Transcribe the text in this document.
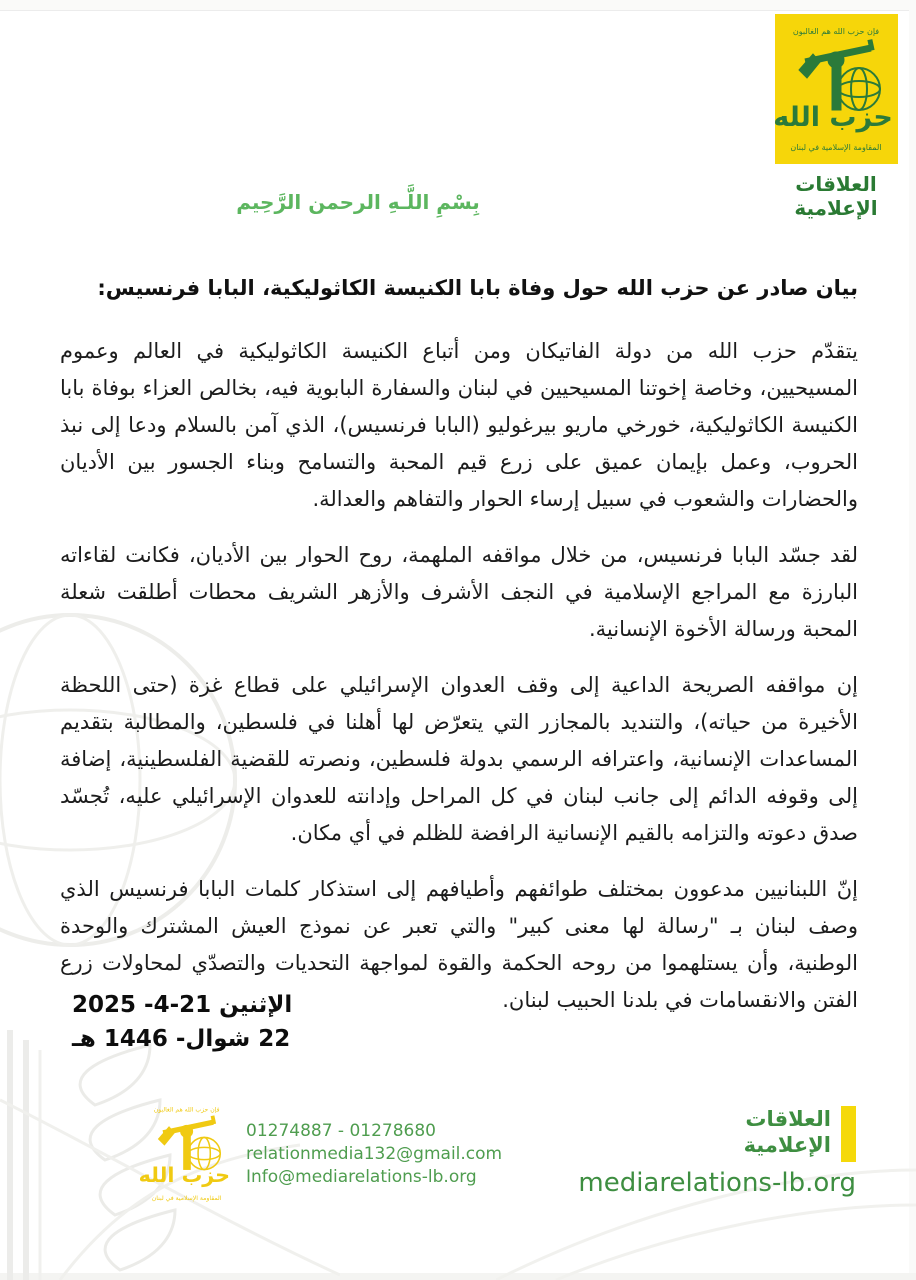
فإن حزب الله هم الغالبون
حزب الله
المقاومة الإسلامية في لبنان
العلاقات الإعلامية
بِسْمِ اللَّـهِ الرحمن الرَّحِيم
بيان صادر عن حزب الله حول وفاة بابا الكنيسة الكاثوليكية، البابا فرنسيس:

يتقدّم حزب الله من دولة الفاتيكان ومن أتباع الكنيسة الكاثوليكية في العالم وعموم المسيحيين، وخاصة إخوتنا المسيحيين في لبنان والسفارة البابوية فيه، بخالص العزاء بوفاة بابا الكنيسة الكاثوليكية، خورخي ماريو بيرغوليو (البابا فرنسيس)، الذي آمن بالسلام ودعا إلى نبذ الحروب، وعمل بإيمان عميق على زرع قيم المحبة والتسامح وبناء الجسور بين الأديان والحضارات والشعوب في سبيل إرساء الحوار والتفاهم والعدالة.

لقد جسّد البابا فرنسيس، من خلال مواقفه الملهمة، روح الحوار بين الأديان، فكانت لقاءاته البارزة مع المراجع الإسلامية في النجف الأشرف والأزهر الشريف محطات أطلقت شعلة المحبة ورسالة الأخوة الإنسانية.

إن مواقفه الصريحة الداعية إلى وقف العدوان الإسرائيلي على قطاع غزة (حتى اللحظة الأخيرة من حياته)، والتنديد بالمجازر التي يتعرّض لها أهلنا في فلسطين، والمطالبة بتقديم المساعدات الإنسانية، واعترافه الرسمي بدولة فلسطين، ونصرته للقضية الفلسطينية، إضافة إلى وقوفه الدائم إلى جانب لبنان في كل المراحل وإدانته للعدوان الإسرائيلي عليه، تُجسّد صدق دعوته والتزامه بالقيم الإنسانية الرافضة للظلم في أي مكان.

إنّ اللبنانيين مدعوون بمختلف طوائفهم وأطيافهم إلى استذكار كلمات البابا فرنسيس الذي وصف لبنان بـ "رسالة لها معنى كبير" والتي تعبر عن نموذج العيش المشترك والوحدة الوطنية، وأن يستلهموا من روحه الحكمة والقوة لمواجهة التحديات والتصدّي لمحاولات زرع الفتن والانقسامات في بلدنا الحبيب لبنان.

الإثنين 21-4- 2025
22 شوال- 1446 هـ
فإن حزب الله هم الغالبون
حزب الله
المقاومة الإسلامية في لبنان
01274887 - 01278680
relationmedia132@gmail.com
Info@mediarelations-lb.org
العلاقات
الإعلامية
mediarelations-lb.org
